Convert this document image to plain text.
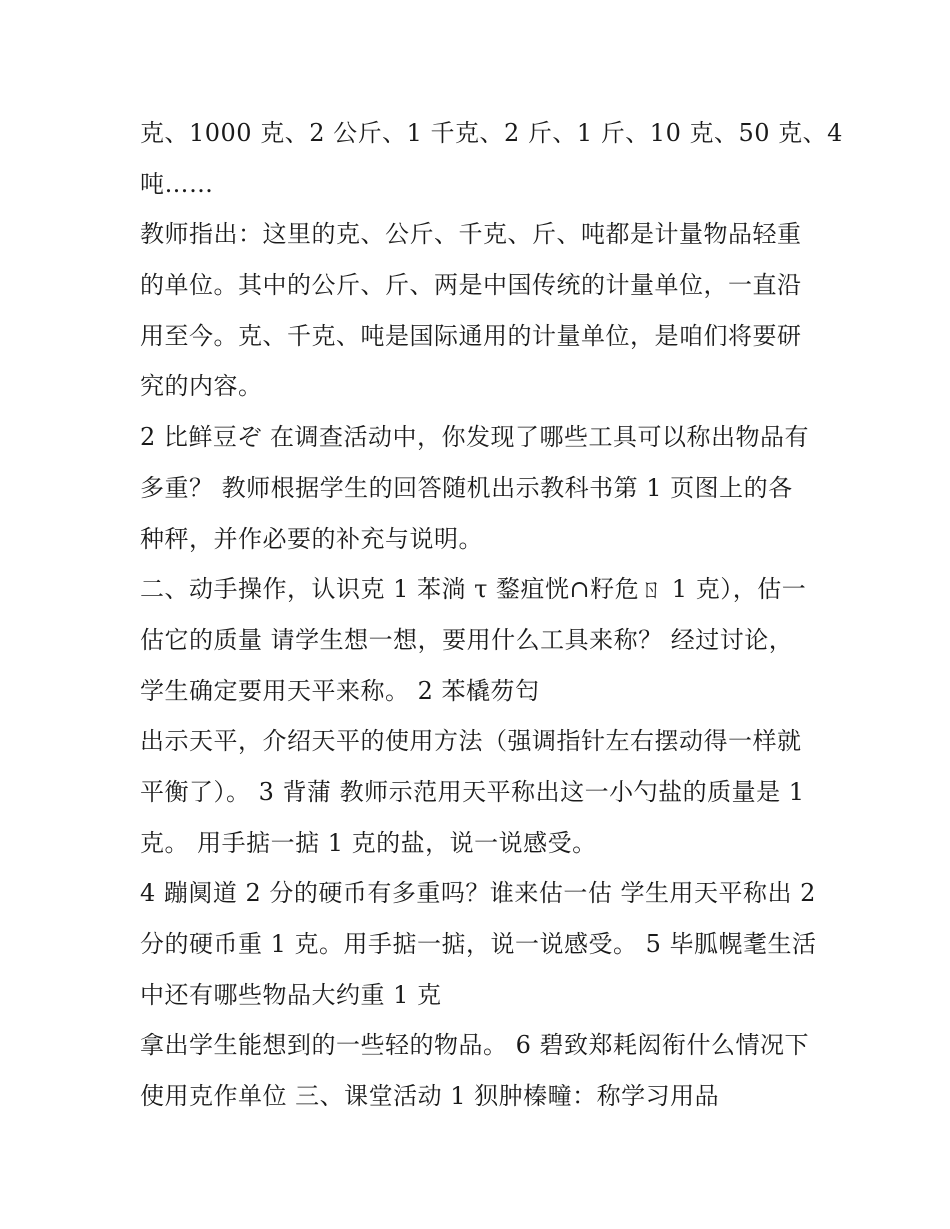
克、1000 克、2 公斤、1 千克、2 斤、1 斤、10 克、50 克、4
吨……
教师指出：这里的克、公斤、千克、斤、吨都是计量物品轻重
的单位。其中的公斤、斤、两是中国传统的计量单位，一直沿
用至今。克、千克、吨是国际通用的计量单位，是咱们将要研
究的内容。
2 比鲜豆ぞ 在调查活动中，你发现了哪些工具可以称出物品有
多重？ 教师根据学生的回答随机出示教科书第 1 页图上的各
种秤，并作必要的补充与说明。
二、动手操作，认识克 1 苯淌 τ 鍪疽恍∩籽危ㄖ 1 克），估一
估它的质量 请学生想一想，要用什么工具来称？ 经过讨论，
学生确定要用天平来称。 2 苯橇芴匄
出示天平，介绍天平的使用方法（强调指针左右摆动得一样就
平衡了）。 3 背蒲 教师示范用天平称出这一小勺盐的质量是 1
克。 用手掂一掂 1 克的盐，说一说感受。
4 蹦阒道 2 分的硬币有多重吗？谁来估一估 学生用天平称出 2
分的硬币重 1 克。用手掂一掂，说一说感受。 5 毕胍幌耄生活
中还有哪些物品大约重 1 克
拿出学生能想到的一些轻的物品。 6 碧致郑耗闳衔什么情况下
使用克作单位 三、课堂活动 1 狈肿榛疃：称学习用品
